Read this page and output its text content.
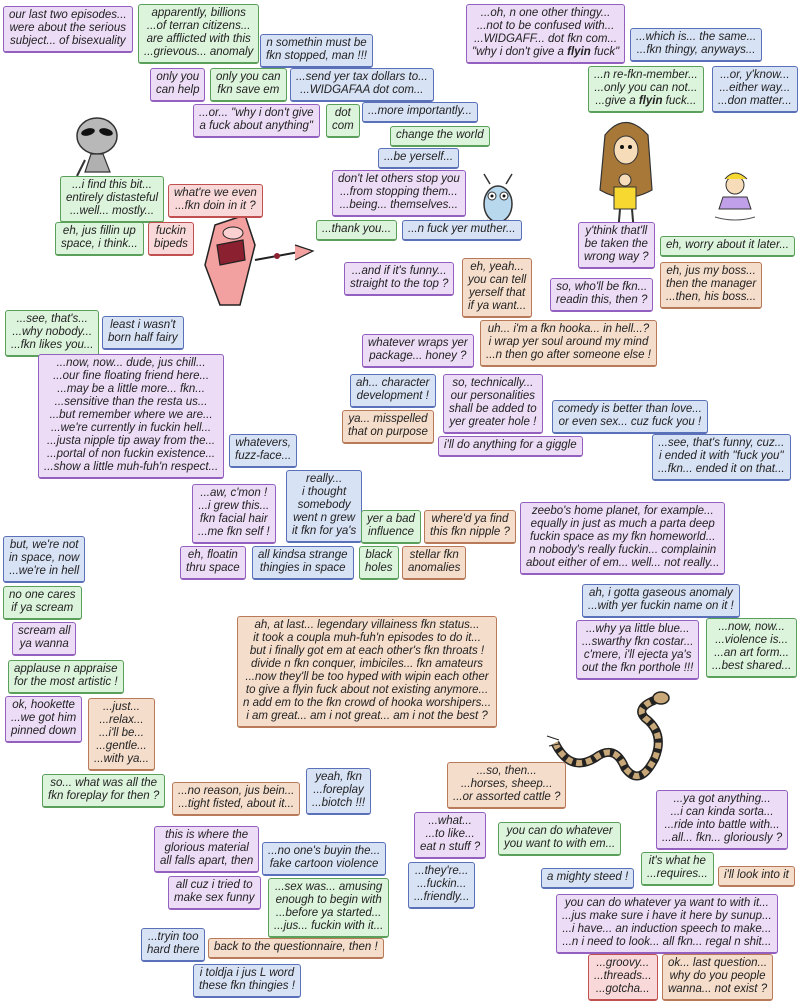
our last two episodes...
were about the serious
subject... of bisexuality
apparently, billions
...of terran citizens...
are afflicted with this
...grievous... anomaly
n somethin must be
fkn stopped, man !!!
...oh, n one other thingy...
...not to be confused with...
...WIDGAFF... dot fkn com...
"why i don't give a flyin fuck"
...which is... the same...
...fkn thingy, anyways...
only you
can help
only you can
fkn save em
...send yer tax dollars to...
...WIDGAFAA dot com...
...n re-fkn-member...
...only you can not...
...give a flyin fuck...
...or, y'know...
...either way...
...don matter...
...or... "why i don't give
a fuck about anything"
dot
com
...more importantly...
change the world
...be yerself...
...i find this bit...
entirely distasteful
...well... mostly...
what're we even
...fkn doin in it ?
don't let others stop you
...from stopping them...
...being... themselves...
eh, jus fillin up
space, i think...
fuckin
bipeds
...thank you...	...n fuck yer muther...	y'think that'll
be taken the
wrong way ?
eh, worry about it later...
...and if it's funny...
straight to the top ?
eh, yeah...
you can tell
yerself that
if ya want...
so, who'll be fkn...
readin this, then ?
eh, jus my boss...
then the manager
...then, his boss...
...see, that's...
...why nobody...
...fkn likes you...
least i wasn't
born half fairy
uh... i'm a fkn hooka... in hell...?
i wrap yer soul around my mind
...n then go after someone else !
whatever wraps yer
package... honey ?
...now, now... dude, jus chill...
...our fine floating friend here...
...may be a little more... fkn...
...sensitive than the resta us...
...but remember where we are...
...we're currently in fuckin hell...
...justa nipple tip away from the...
...portal of non fuckin existence...
...show a little muh-fuh'n respect...
ah... character
development !
so, technically...
our personalities
shall be added to
yer greater hole !
comedy is better than love...
or even sex... cuz fuck you !
ya... misspelled
that on purpose
i'll do anything for a giggle
whatevers,
fuzz-face...
...see, that's funny, cuz...
i ended it with "fuck you"
...fkn... ended it on that...
really...
i thought
somebody
went n grew
it fkn for ya's
...aw, c'mon !
...i grew this...
fkn facial hair
...me fkn self !
yer a bad
influence
where'd ya find
this fkn nipple ?
zeebo's home planet, for example...
equally in just as much a parta deep
fuckin space as my fkn homeworld...
n nobody's really fuckin... complainin
about either of em... well... not really...
eh, floatin
thru space
all kindsa strange
thingies in space
black
holes
stellar fkn
anomalies
but, we're not
in space, now
...we're in hell
ah, i gotta gaseous anomaly
...with yer fuckin name on it !
no one cares
if ya scream
...why ya little blue...
...swarthy fkn costar...
c'mere, i'll ejecta ya's
out the fkn porthole !!!
...now, now...
...violence is...
...an art form...
...best shared...
scream all
ya wanna
ah, at last... legendary villainess fkn status...
it took a coupla muh-fuh'n episodes to do it...
but i finally got em at each other's fkn throats !
divide n fkn conquer, imbiciles... fkn amateurs
...now they'll be too hyped with wipin each other
to give a flyin fuck about not existing anymore...
n add em to the fkn crowd of hooka worshipers...
i am great... am i not great... am i not the best ?
applause n appraise
for the most artistic !
ok, hookette
...we got him
pinned down
...just...
...relax...
...i'll be...
...gentle...
...with ya...
so... what was all the
fkn foreplay for then ?	...no reason, jus bein...
...tight fisted, about it...
yeah, fkn
...foreplay
...biotch !!!
...so, then...
...horses, sheep...
...or assorted cattle ?	...ya got anything...
...i can kinda sorta...
...ride into battle with...
...all... fkn... gloriously ?
...what...
...to like...
eat n stuff ?
you can do whatever
you want to with em...
this is where the
glorious material
all falls apart, then
...no one's buyin the...
fake cartoon violence	it's what he
...requires...
...they're...
...fuckin...
...friendly...
a mighty steed !	i'll look into it
all cuz i tried to
make sex funny
...sex was... amusing
enough to begin with
...before ya started...
...jus... fuckin with it...
you can do whatever ya want to with it...
...jus make sure i have it here by sunup...
...i have... an induction speech to make...
...n i need to look... all fkn... regal n shit...
...tryin too
hard there	back to the questionnaire, then !
i toldja i jus L word
these fkn thingies !
...groovy...
...threads...
...gotcha...
ok... last question...
why do you people
wanna... not exist ?
